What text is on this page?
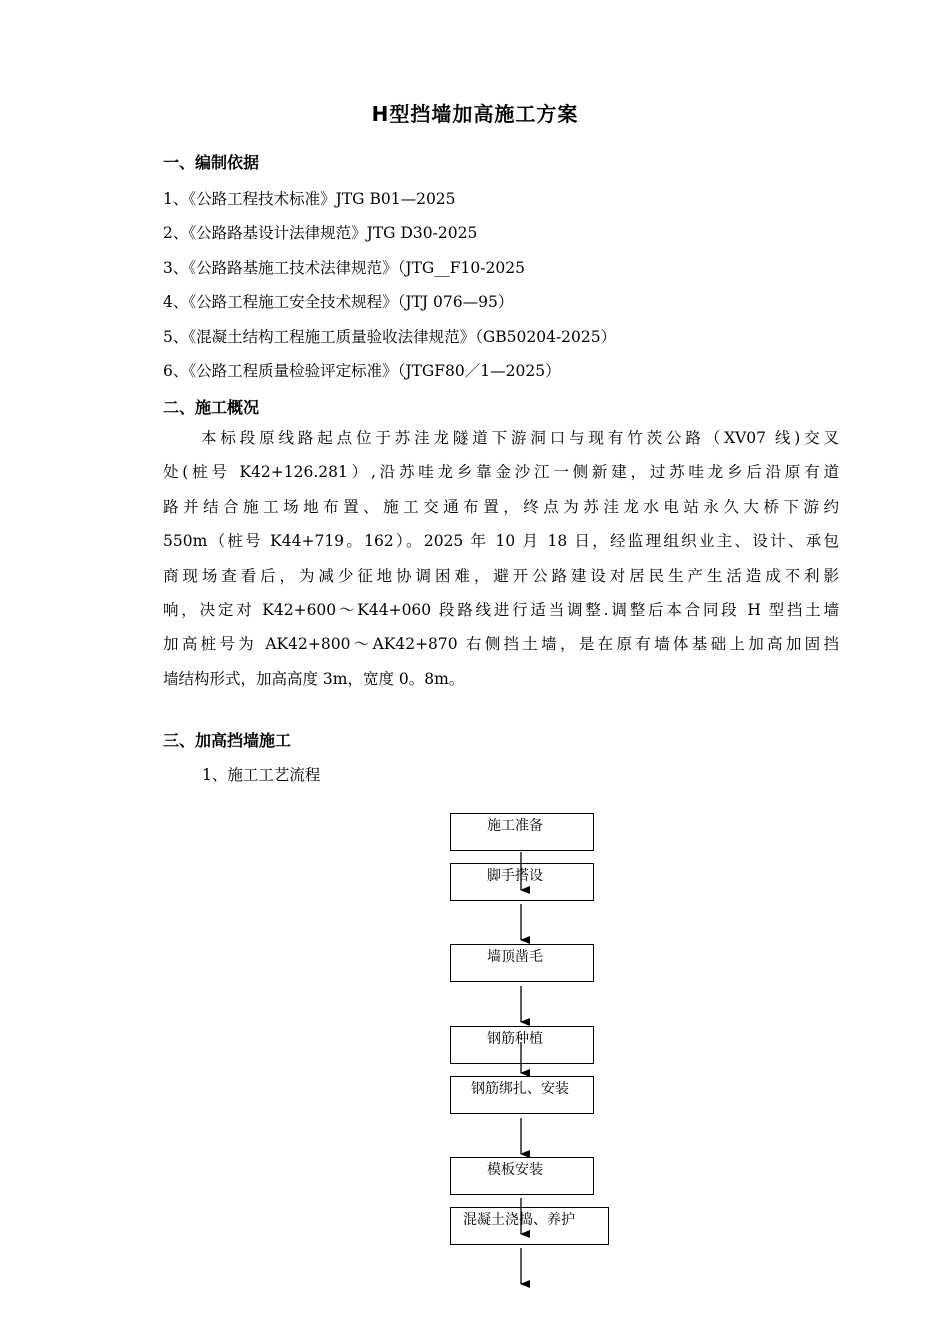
H型挡墙加高施工方案
一、编制依据
1、《公路工程技术标准》JTG B01—2025
2、《公路路基设计法律规范》JTG D30-2025
3、《公路路基施工技术法律规范》（JTG__F10-2025
4、《公路工程施工安全技术规程》（JTJ 076—95）
5、《混凝土结构工程施工质量验收法律规范》（GB50204-2025）
6、《公路工程质量检验评定标准》（JTGF80／1—2025）
二、施工概况
本标段原线路起点位于苏洼龙隧道下游洞口与现有竹茨公路（XV07 线)交叉
处(桩号 K42+126.281）,沿苏哇龙乡靠金沙江一侧新建，过苏哇龙乡后沿原有道
路并结合施工场地布置、施工交通布置，终点为苏洼龙水电站永久大桥下游约
550m（桩号 K44+719。162）。2025 年 10 月 18 日，经监理组织业主、设计、承包
商现场查看后，为减少征地协调困难，避开公路建设对居民生产生活造成不利影
响，决定对 K42+600～K44+060 段路线进行适当调整.调整后本合同段 H 型挡土墙
加高桩号为 AK42+800～AK42+870 右侧挡土墙，是在原有墙体基础上加高加固挡
墙结构形式，加高高度 3m，宽度 0。8m。
三、加高挡墙施工
1、施工工艺流程
施工准备
脚手搭设
墙顶凿毛
钢筋种植
钢筋绑扎、安装
模板安装
混凝土浇捣、养护
